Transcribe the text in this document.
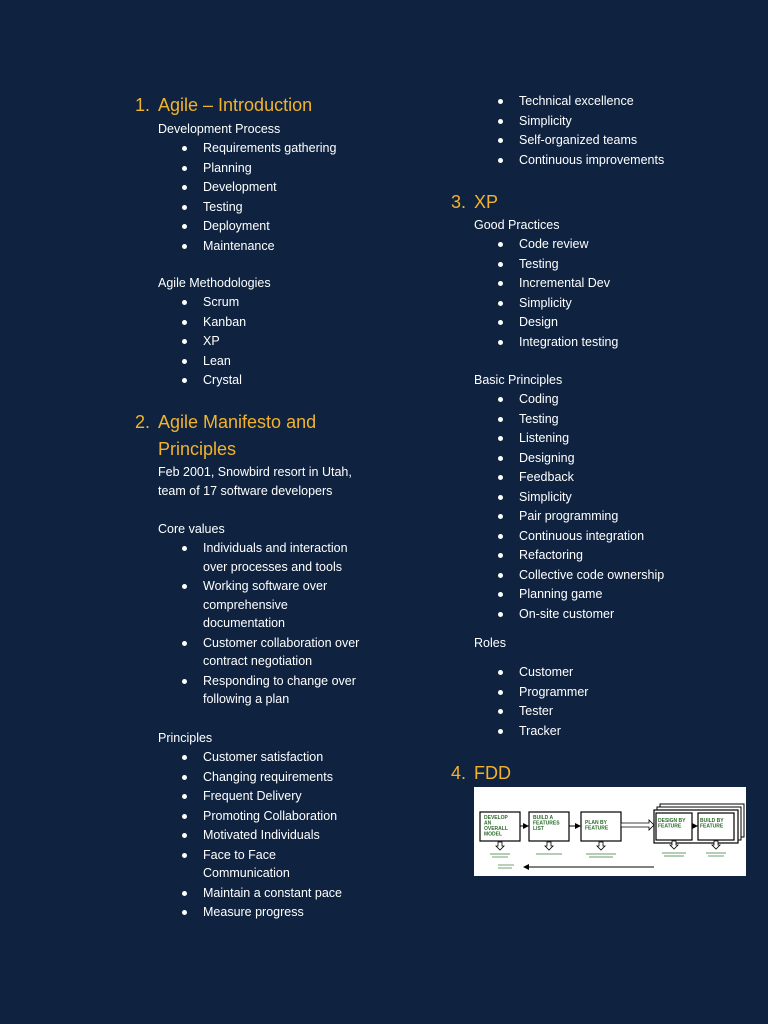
1. Agile – Introduction
Development Process
Requirements gathering
Planning
Development
Testing
Deployment
Maintenance
Agile Methodologies
Scrum
Kanban
XP
Lean
Crystal
2. Agile Manifesto and
Principles
Feb 2001, Snowbird resort in Utah, team of 17 software developers
Core values
Individuals and interaction over processes and tools
Working software over comprehensive documentation
Customer collaboration over contract negotiation
Responding to change over following a plan
Principles
Customer satisfaction
Changing requirements
Frequent Delivery
Promoting Collaboration
Motivated Individuals
Face to Face Communication
Maintain a constant pace
Measure progress
Technical excellence
Simplicity
Self-organized teams
Continuous improvements
3. XP
Good Practices
Code review
Testing
Incremental Dev
Simplicity
Design
Integration testing
Basic Principles
Coding
Testing
Listening
Designing
Feedback
Simplicity
Pair programming
Continuous integration
Refactoring
Collective code ownership
Planning game
On-site customer
Roles
Customer
Programmer
Tester
Tracker
4. FDD
DEVELOP AN OVERALL MODEL
BUILD A FEATURES LIST
PLAN BY FEATURE
DESIGN BY FEATURE
BUILD BY FEATURE
